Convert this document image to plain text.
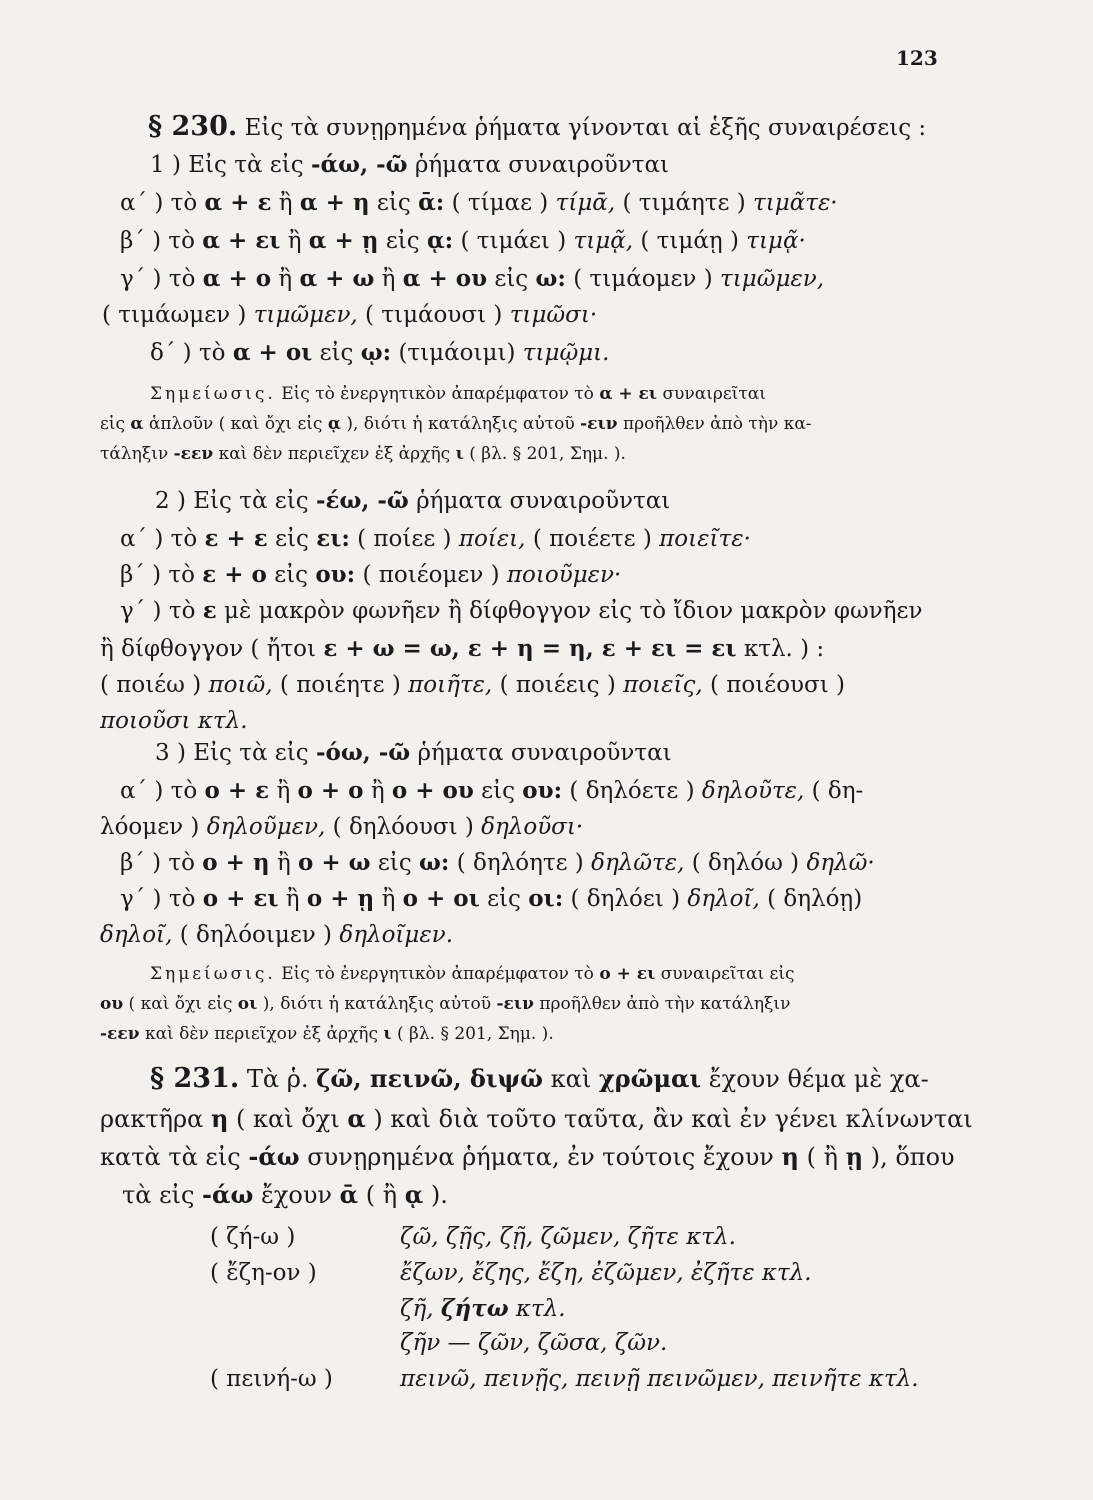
123
§ 230. Εἰς τὰ συνῃρημένα ῥήματα γίνονται αἱ ἑξῆς συναιρέσεις :
1 ) Εἰς τὰ εἰς -άω, -ῶ ῥήματα συναιροῦνται
α΄ ) τὸ α + ε ἢ α + η εἰς ᾱ: ( τίμαε ) τίμᾱ, ( τιμάητε ) τιμᾶτε·
β΄ ) τὸ α + ει ἢ α + ῃ εἰς ᾳ: ( τιμάει ) τιμᾷ, ( τιμάῃ ) τιμᾷ·
γ΄ ) τὸ α + ο ἢ α + ω ἢ α + ου εἰς ω: ( τιμάομεν ) τιμῶμεν,
( τιμάωμεν ) τιμῶμεν, ( τιμάουσι ) τιμῶσι·
δ΄ ) τὸ α + οι εἰς ῳ: (τιμάοιμι) τιμῷμι.
Σημείωσις. Εἰς τὸ ἐνεργητικὸν ἀπαρέμφατον τὸ α + ει συναιρεῖται
εἰς α ἁπλοῦν ( καὶ ὄχι εἰς ᾳ ), διότι ἡ κατάληξις αὐτοῦ -ειν προῆλθεν ἀπὸ τὴν κα-
τάληξιν -εεν καὶ δὲν περιεῖχεν ἐξ ἀρχῆς ι ( βλ. § 201, Σημ. ).
2 ) Εἰς τὰ εἰς -έω, -ῶ ῥήματα συναιροῦνται
α΄ ) τὸ ε + ε εἰς ει: ( ποίεε ) ποίει, ( ποιέετε ) ποιεῖτε·
β΄ ) τὸ ε + ο εἰς ου: ( ποιέομεν ) ποιοῦμεν·
γ΄ ) τὸ ε μὲ μακρὸν φωνῆεν ἢ δίφθογγον εἰς τὸ ἴδιον μακρὸν φωνῆεν
ἢ δίφθογγον ( ἤτοι ε + ω = ω, ε + η = η, ε + ει = ει κτλ. ) :
( ποιέω ) ποιῶ, ( ποιέητε ) ποιῆτε, ( ποιέεις ) ποιεῖς, ( ποιέουσι )
ποιοῦσι κτλ.
3 ) Εἰς τὰ εἰς -όω, -ῶ ῥήματα συναιροῦνται
α΄ ) τὸ ο + ε ἢ ο + ο ἢ ο + ου εἰς ου: ( δηλόετε ) δηλοῦτε, ( δη-
λόομεν ) δηλοῦμεν, ( δηλόουσι ) δηλοῦσι·
β΄ ) τὸ ο + η ἢ ο + ω εἰς ω: ( δηλόητε ) δηλῶτε, ( δηλόω ) δηλῶ·
γ΄ ) τὸ ο + ει ἢ ο + ῃ ἢ ο + οι εἰς οι: ( δηλόει ) δηλοῖ, ( δηλόῃ)
δηλοῖ, ( δηλόοιμεν ) δηλοῖμεν.
Σημείωσις. Εἰς τὸ ἐνεργητικὸν ἀπαρέμφατον τὸ ο + ει συναιρεῖται εἰς
ου ( καὶ ὄχι εἰς οι ), διότι ἡ κατάληξις αὐτοῦ -ειν προῆλθεν ἀπὸ τὴν κατάληξιν
-εεν καὶ δὲν περιεῖχον ἐξ ἀρχῆς ι ( βλ. § 201, Σημ. ).
§ 231. Τὰ ῥ. ζῶ, πεινῶ, διψῶ καὶ χρῶμαι ἔχουν θέμα μὲ χα-
ρακτῆρα η ( καὶ ὄχι α ) καὶ διὰ τοῦτο ταῦτα, ἂν καὶ ἐν γένει κλίνωνται
κατὰ τὰ εἰς -άω συνῃρημένα ῥήματα, ἐν τούτοις ἔχουν η ( ἢ ῃ ), ὅπου
τὰ εἰς -άω ἔχουν ᾱ ( ἢ ᾳ ).
( ζή-ω )	ζῶ, ζῇς, ζῇ, ζῶμεν, ζῆτε κτλ.
( ἔζη-ον )	ἔζων, ἔζης, ἔζη, ἐζῶμεν, ἐζῆτε κτλ.
ζῆ, ζήτω κτλ.
ζῆν — ζῶν, ζῶσα, ζῶν.
( πεινή-ω )	πεινῶ, πεινῇς, πεινῇ πεινῶμεν, πεινῆτε κτλ.
